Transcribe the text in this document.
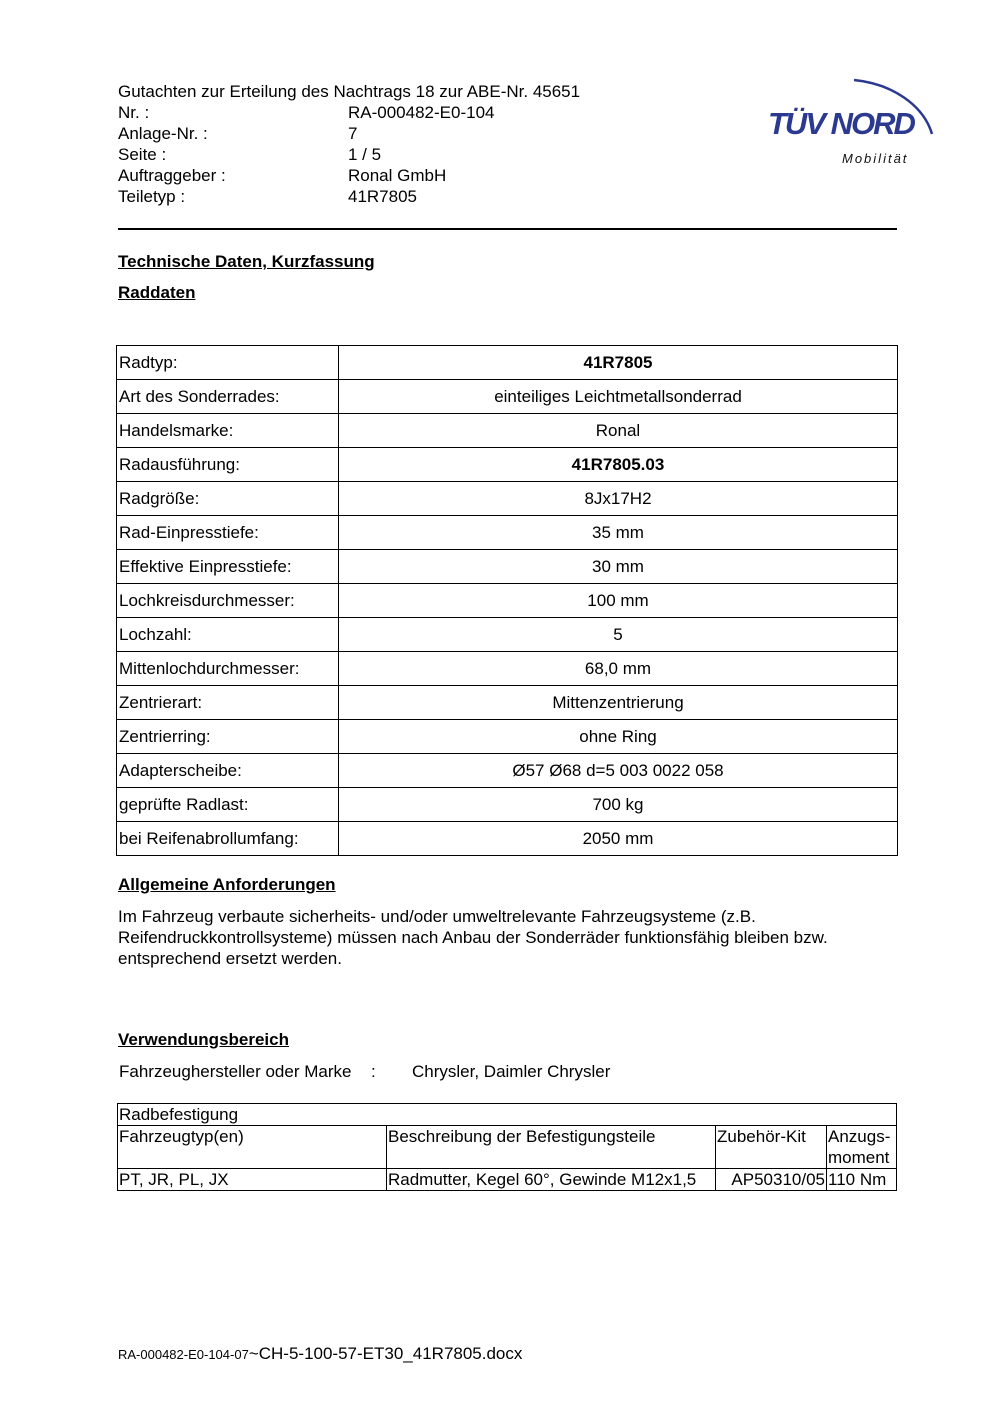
Gutachten zur Erteilung des Nachtrags 18 zur ABE-Nr. 45651
Nr. :	RA-000482-E0-104
Anlage-Nr. :	7
Seite :	1 / 5
Auftraggeber :	Ronal GmbH
Teiletyp :	41R7805
TÜV NORD
Mobilität
Technische Daten, Kurzfassung
Raddaten
Radtyp:	41R7805
Art des Sonderrades:	einteiliges Leichtmetallsonderrad
Handelsmarke:	Ronal
Radausführung:	41R7805.03
Radgröße:	8Jx17H2
Rad-Einpresstiefe:	35 mm
Effektive Einpresstiefe:	30 mm
Lochkreisdurchmesser:	100 mm
Lochzahl:	5
Mittenlochdurchmesser:	68,0 mm
Zentrierart:	Mittenzentrierung
Zentrierring:	ohne Ring
Adapterscheibe:	Ø57 Ø68 d=5 003 0022 058
geprüfte Radlast:	700 kg
bei Reifenabrollumfang:	2050 mm
Allgemeine Anforderungen
Im Fahrzeug verbaute sicherheits- und/oder umweltrelevante Fahrzeugsysteme (z.B. Reifendruckkontrollsysteme) müssen nach Anbau der Sonderräder funktionsfähig bleiben bzw. entsprechend ersetzt werden.
Verwendungsbereich
Fahrzeughersteller oder Marke	:	Chrysler, Daimler Chrysler
Radbefestigung			
Fahrzeugtyp(en)	Beschreibung der Befestigungsteile	Zubehör-Kit	Anzugs-moment
PT, JR, PL, JX	Radmutter, Kegel 60°, Gewinde M12x1,5	AP50310/05	110 Nm
RA-000482-E0-104-07~CH-5-100-57-ET30_41R7805.docx
